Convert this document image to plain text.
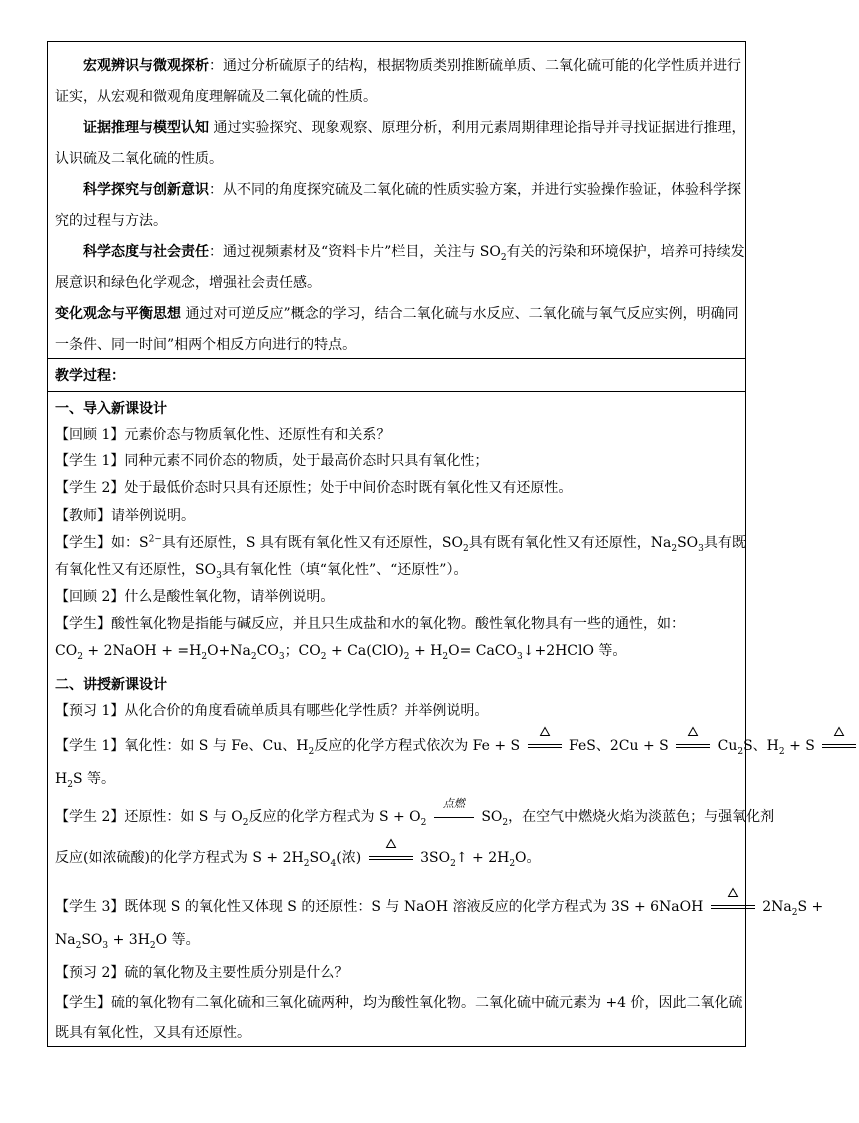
宏观辨识与微观探析：通过分析硫原子的结构，根据物质类别推断硫单质、二氧化硫可能的化学性质并进行
证实，从宏观和微观角度理解硫及二氧化硫的性质。
证据推理与模型认知 通过实验探究、现象观察、原理分析，利用元素周期律理论指导并寻找证据进行推理，
认识硫及二氧化硫的性质。
科学探究与创新意识：从不同的角度探究硫及二氧化硫的性质实验方案，并进行实验操作验证，体验科学探
究的过程与方法。
科学态度与社会责任：通过视频素材及“资料卡片”栏目，关注与 $SO_2$有关的污染和环境保护，培养可持续发
展意识和绿色化学观念，增强社会责任感。
变化观念与平衡思想 通过对可逆反应”概念的学习，结合二氧化硫与水反应、二氧化硫与氧气反应实例，明确同
一条件、同一时间”相两个相反方向进行的特点。
教学过程：
一、导入新课设计
【回顾 1】元素价态与物质氧化性、还原性有和关系？
【学生 1】同种元素不同价态的物质，处于最高价态时只具有氧化性；
【学生 2】处于最低价态时只具有还原性；处于中间价态时既有氧化性又有还原性。
【教师】请举例说明。
【学生】如：$S^{2-}$具有还原性，S 具有既有氧化性又有还原性，$SO_2$具有既有氧化性又有还原性，$Na_2SO_3$具有既
有氧化性又有还原性，$SO_3$具有氧化性（填“氧化性”、“还原性”）。
【回顾 2】什么是酸性氧化物，请举例说明。
【学生】酸性氧化物是指能与碱反应，并且只生成盐和水的氧化物。酸性氧化物具有一些的通性，如：
$CO_2$ + 2NaOH + $=H_2O+Na_2CO_3$；$CO_2 + Ca(ClO)_2 + H_2O=$ CaCO$_3$↓+2HClO 等。
二、讲授新课设计
【预习 1】从化合价的角度看硫单质具有哪些化学性质？并举例说明。
【学生 1】氧化性：如 S 与 Fe、Cu、$H_2$反应的化学方程式依次为 Fe + S	FeS、2Cu + S	$Cu_2S$、$H_2 + S$
$H_2S$ 等。
【学生 2】还原性：如 S 与 $O_2$反应的化学方程式为 $S + O_2$
点燃
$SO_2$，在空气中燃烧火焰为淡蓝色；与强氧化剂
反应(如浓硫酸)的化学方程式为 $S + 2H_2SO_4$(浓)	$3SO_2↑ + 2H_2O$。
【学生 3】既体现 S 的氧化性又体现 S 的还原性：S 与 NaOH 溶液反应的化学方程式为 3S + 6NaOH	$2Na_2S$ +
$Na_2SO_3 + 3H_2O$ 等。
【预习 2】硫的氧化物及主要性质分别是什么？
【学生】硫的氧化物有二氧化硫和三氧化硫两种，均为酸性氧化物。二氧化硫中硫元素为 +4 价，因此二氧化硫
既具有氧化性，又具有还原性。
